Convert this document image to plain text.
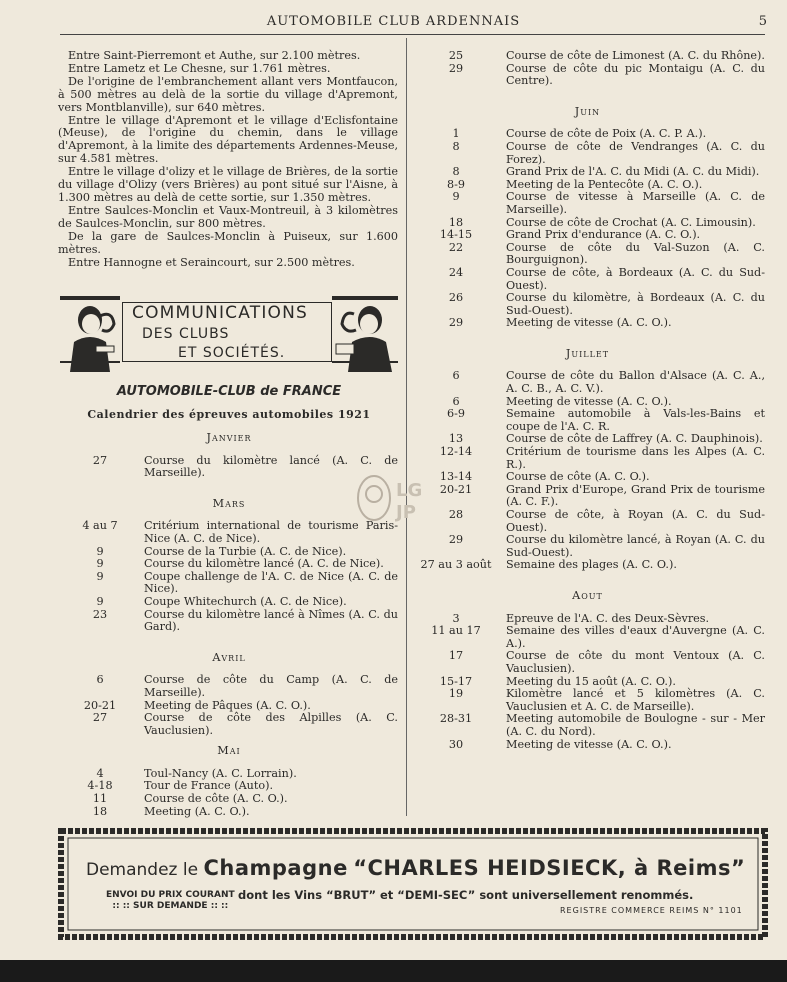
AUTOMOBILE CLUB ARDENNAIS	5

Entre Saint-Pierremont et Authe, sur 2.100 mètres.

Entre Lametz et Le Chesne, sur 1.761 mètres.

De l'origine de l'embranchement allant vers Montfaucon, à 500 mètres au delà de la sortie du village d'Apremont, vers Montblanville), sur 640 mètres.

Entre le village d'Apremont et le village d'Eclisfontaine (Meuse), de l'origine du chemin, dans le village d'Apremont, à la limite des départements Ardennes-Meuse, sur 4.581 mètres.

Entre le village d'olizy et le village de Brières, de la sortie du village d'Olizy (vers Brières) au pont situé sur l'Aisne, à 1.300 mètres au delà de cette sortie, sur 1.350 mètres.

Entre Saulces-Monclin et Vaux-Montreuil, à 3 kilomètres de Saulces-Monclin, sur 800 mètres.

De la gare de Saulces-Monclin à Puiseux, sur 1.600 mètres.

Entre Hannogne et Seraincourt, sur 2.500 mètres.

COMMUNICATIONS
DES CLUBS
ET SOCIÉTÉS.
AUTOMOBILE-CLUB de FRANCE
Calendrier des épreuves automobiles 1921
Janvier
27	Course du kilomètre lancé (A. C. de Marseille).
Mars
4 au 7	Critérium international de tourisme Paris-Nice (A. C. de Nice).
9	Course de la Turbie (A. C. de Nice).
9	Course du kilomètre lancé (A. C. de Nice).
9	Coupe challenge de l'A. C. de Nice (A. C. de Nice).
9	Coupe Whitechurch (A. C. de Nice).
23	Course du kilomètre lancé à Nîmes (A. C. du Gard).
Avril
6	Course de côte du Camp (A. C. de Marseille).
20-21	Meeting de Pâques (A. C. O.).
27	Course de côte des Alpilles (A. C. Vauclusien).
Mai
4	Toul-Nancy (A. C. Lorrain).
4-18	Tour de France (Auto).
11	Course de côte (A. C. O.).
18	Meeting (A. C. O.).
25	Course de côte de Limonest (A. C. du Rhône).
29	Course de côte du pic Montaigu (A. C. du Centre).
Juin
1	Course de côte de Poix (A. C. P. A.).
8	Course de côte de Vendranges (A. C. du Forez).
8	Grand Prix de l'A. C. du Midi (A. C. du Midi).
8-9	Meeting de la Pentecôte (A. C. O.).
9	Course de vitesse à Marseille (A. C. de Marseille).
18	Course de côte de Crochat (A. C. Limousin).
14-15	Grand Prix d'endurance (A. C. O.).
22	Course de côte du Val-Suzon (A. C. Bourguignon).
24	Course de côte, à Bordeaux (A. C. du Sud-Ouest).
26	Course du kilomètre, à Bordeaux (A. C. du Sud-Ouest).
29	Meeting de vitesse (A. C. O.).
Juillet
6	Course de côte du Ballon d'Alsace (A. C. A., A. C. B., A. C. V.).
6	Meeting de vitesse (A. C. O.).
6-9	Semaine automobile à Vals-les-Bains et coupe de l'A. C. R.
13	Course de côte de Laffrey (A. C. Dauphinois).
12-14	Critérium de tourisme dans les Alpes (A. C. R.).
13-14	Course de côte (A. C. O.).
20-21	Grand Prix d'Europe, Grand Prix de tourisme (A. C. F.).
28	Course de côte, à Royan (A. C. du Sud-Ouest).
29	Course du kilomètre lancé, à Royan (A. C. du Sud-Ouest).
27 au 3 août	Semaine des plages (A. C. O.).
Aout
3	Epreuve de l'A. C. des Deux-Sèvres.
11 au 17	Semaine des villes d'eaux d'Auvergne (A. C. A.).
17	Course de côte du mont Ventoux (A. C. Vauclusien).
15-17	Meeting du 15 août (A. C. O.).
19	Kilomètre lancé et 5 kilomètres (A. C. Vauclusien et A. C. de Marseille).
28-31	Meeting automobile de Boulogne - sur - Mer (A. C. du Nord).
30	Meeting de vitesse (A. C. O.).
LG
JP
Demandez le Champagne “CHARLES HEIDSIECK, à Reims”
ENVOI DU PRIX COURANT
:: :: SUR DEMANDE :: ::
dont les Vins “BRUT” et “DEMI-SEC” sont universellement renommés.
REGISTRE COMMERCE REIMS N° 1101
